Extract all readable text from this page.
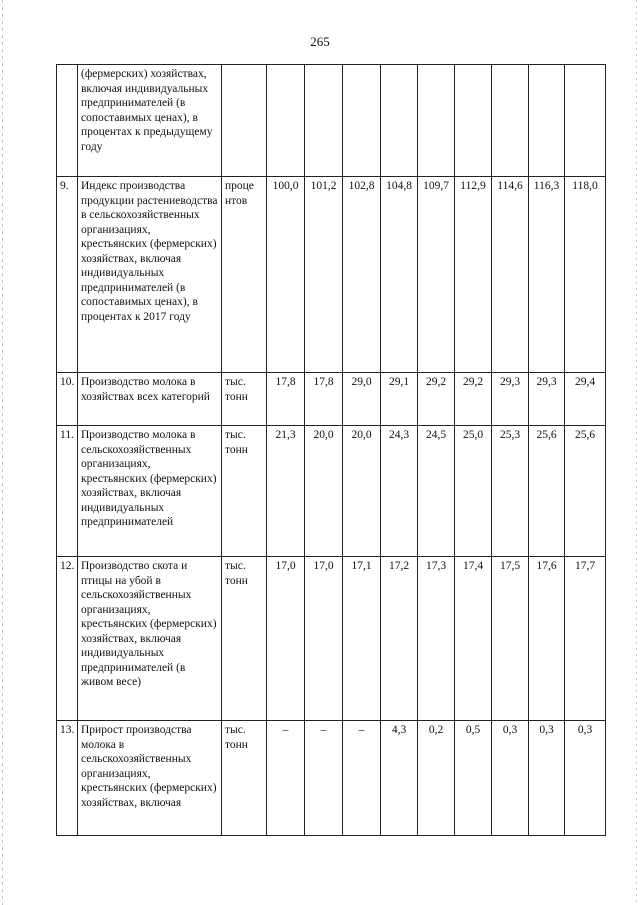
265
	(фермерских) хозяйствах, включая индивидуальных предпринимателей (в сопоставимых ценах), в процентах к предыдущему году										
9.	Индекс производства продукции растениеводства в сельскохозяйственных организациях, крестьянских (фермерских) хозяйствах, включая индивидуальных предпринимателей (в сопоставимых ценах), в процентах к 2017 году	проце нтов	100,0	101,2	102,8	104,8	109,7	112,9	114,6	116,3	118,0
10.	Производство молока в хозяйствах всех категорий	тыс. тонн	17,8	17,8	29,0	29,1	29,2	29,2	29,3	29,3	29,4
11.	Производство молока в сельскохозяйственных организациях, крестьянских (фермерских) хозяйствах, включая индивидуальных предпринимателей	тыс. тонн	21,3	20,0	20,0	24,3	24,5	25,0	25,3	25,6	25,6
12.	Производство скота и птицы на убой в сельскохозяйственных организациях, крестьянских (фермерских) хозяйствах, включая индивидуальных предпринимателей (в живом весе)	тыс. тонн	17,0	17,0	17,1	17,2	17,3	17,4	17,5	17,6	17,7
13.	Прирост производства молока в сельскохозяйственных организациях, крестьянских (фермерских) хозяйствах, включая	тыс. тонн	–	–	–	4,3	0,2	0,5	0,3	0,3	0,3
